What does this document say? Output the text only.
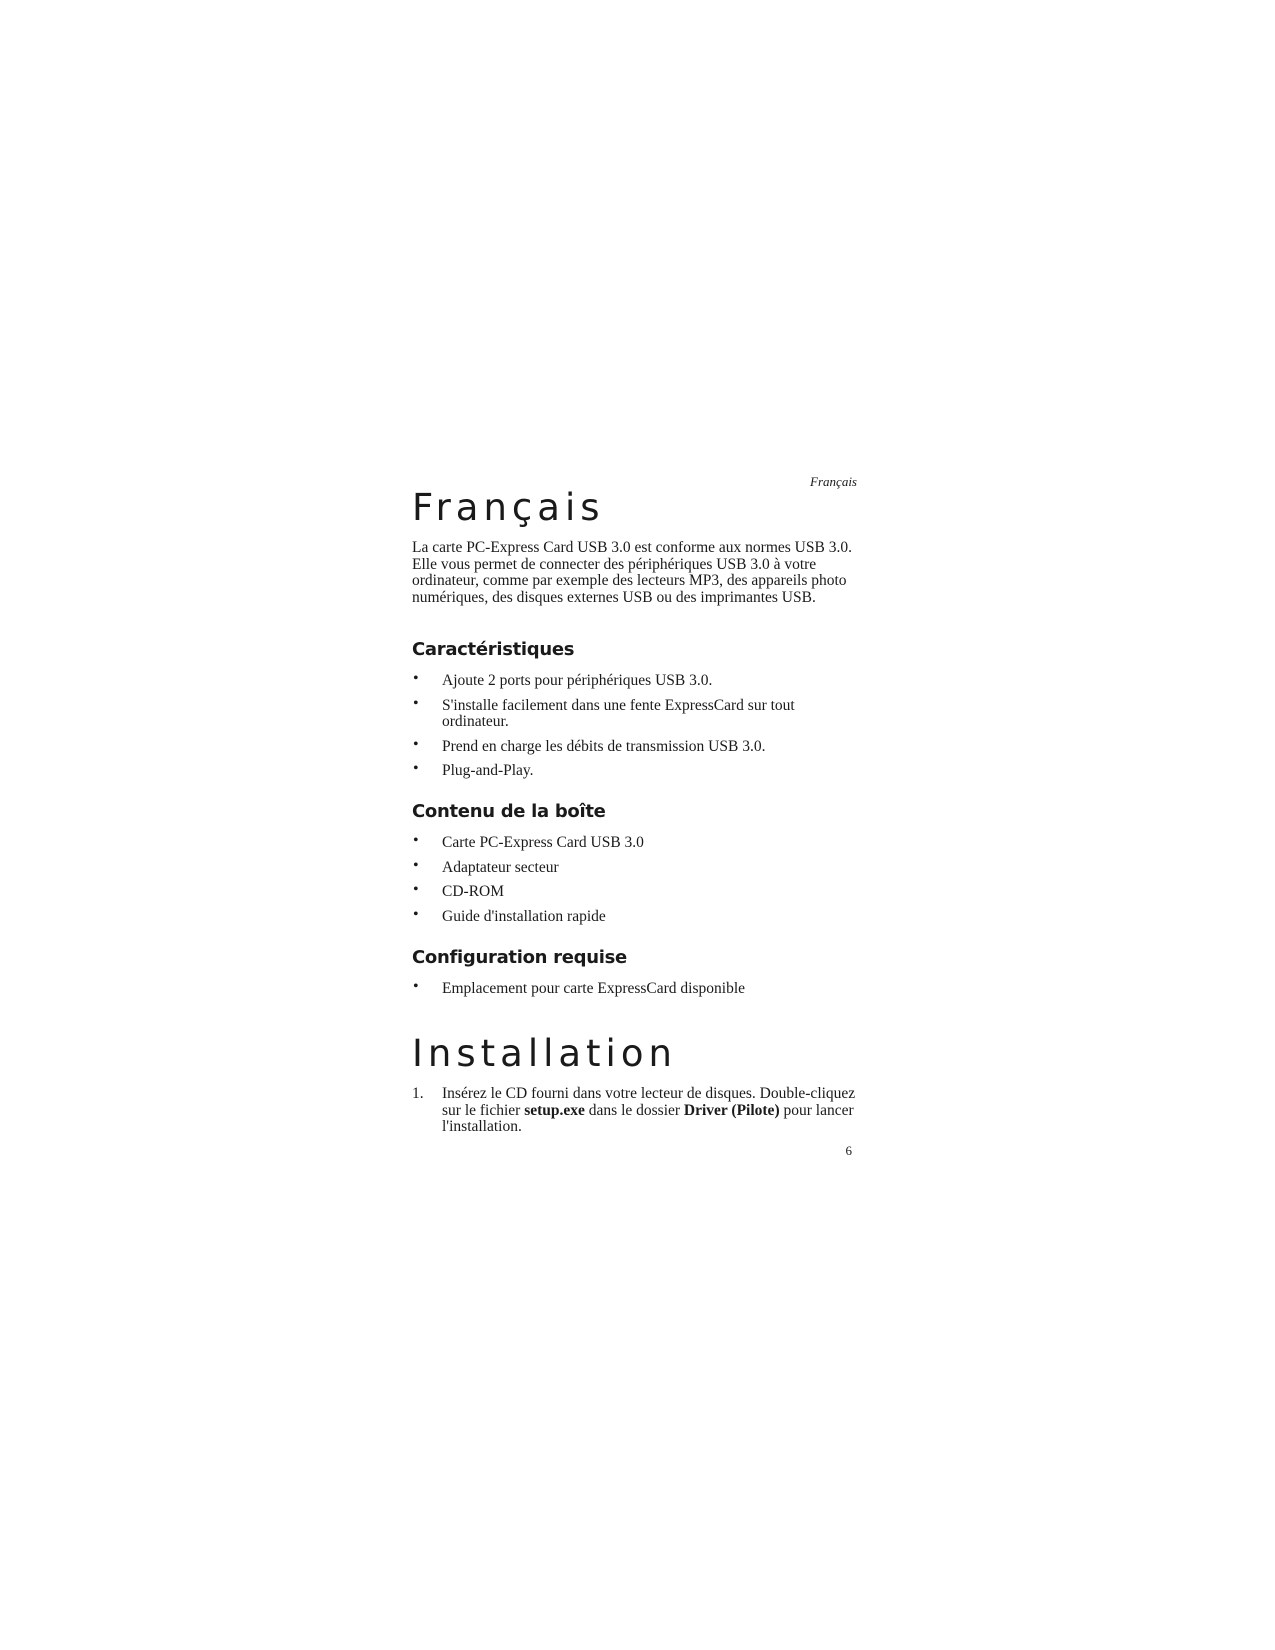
Français

Français

La carte PC-Express Card USB 3.0 est conforme aux normes USB 3.0. Elle vous permet de connecter des périphériques USB 3.0 à votre ordinateur, comme par exemple des lecteurs MP3, des appareils photo numériques, des disques externes USB ou des imprimantes USB.

Caractéristiques
• Ajoute 2 ports pour périphériques USB 3.0.
• S'installe facilement dans une fente ExpressCard sur tout ordinateur.
• Prend en charge les débits de transmission USB 3.0.
• Plug-and-Play.
Contenu de la boîte
• Carte PC-Express Card USB 3.0
• Adaptateur secteur
• CD-ROM
• Guide d'installation rapide
Configuration requise
• Emplacement pour carte ExpressCard disponible
Installation
1. Insérez le CD fourni dans votre lecteur de disques. Double-cliquez sur le fichier setup.exe dans le dossier Driver (Pilote) pour lancer l'installation.

6
